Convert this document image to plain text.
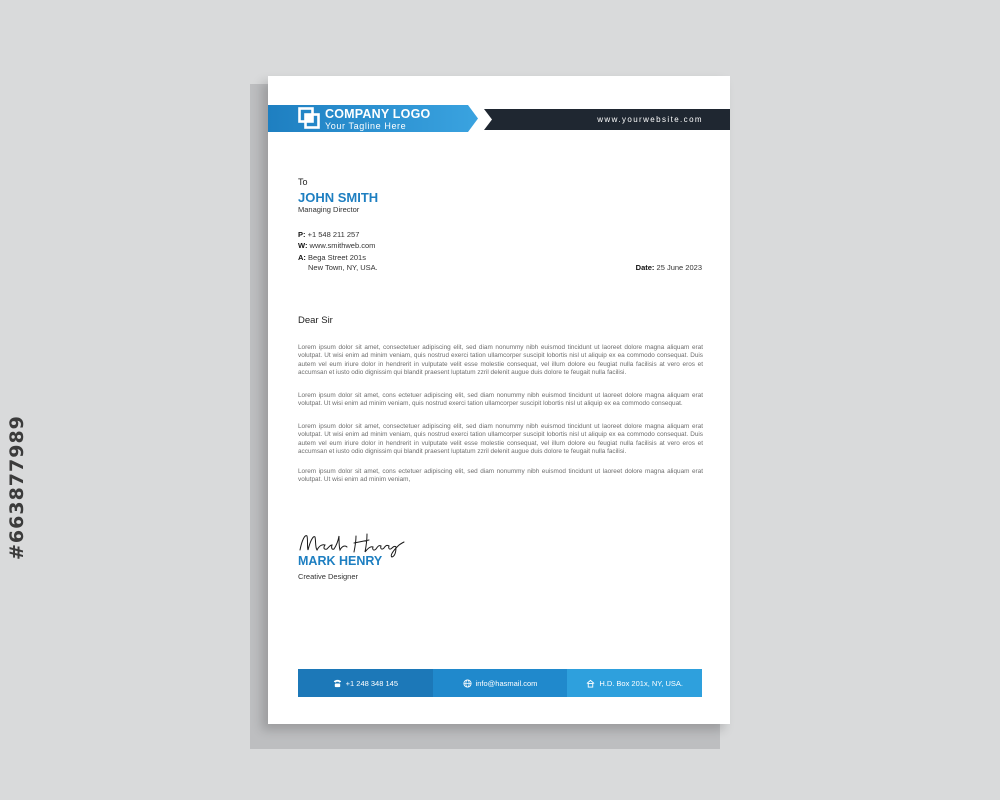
#663877989
COMPANY LOGO
Your Tagline Here
www.yourwebsite.com
To
JOHN SMITH
Managing Director
P: +1 548 211 257
W: www.smithweb.com
A: Bega Street 201s
New Town, NY, USA.	Date: 25 June 2023
Dear Sir

Lorem ipsum dolor sit amet, consectetuer adipiscing elit, sed diam nonummy nibh euismod tincidunt ut laoreet dolore magna aliquam erat volutpat. Ut wisi enim ad minim veniam, quis nostrud exerci tation ullamcorper suscipit lobortis nisl ut aliquip ex ea commodo consequat. Duis autem vel eum iriure dolor in hendrerit in vulputate velit esse molestie consequat, vel illum dolore eu feugiat nulla facilisis at vero eros et accumsan et iusto odio dignissim qui blandit praesent luptatum zzril delenit augue duis dolore te feugait nulla facilisi.

Lorem ipsum dolor sit amet, cons ectetuer adipiscing elit, sed diam nonummy nibh euismod tincidunt ut laoreet dolore magna aliquam erat volutpat. Ut wisi enim ad minim veniam, quis nostrud exerci tation ullamcorper suscipit lobortis nisl ut aliquip ex ea commodo consequat.

Lorem ipsum dolor sit amet, consectetuer adipiscing elit, sed diam nonummy nibh euismod tincidunt ut laoreet dolore magna aliquam erat volutpat. Ut wisi enim ad minim veniam, quis nostrud exerci tation ullamcorper suscipit lobortis nisl ut aliquip ex ea commodo consequat. Duis autem vel eum iriure dolor in hendrerit in vulputate velit esse molestie consequat, vel illum dolore eu feugiat nulla facilisis at vero eros et accumsan et iusto odio dignissim qui blandit praesent luptatum zzril delenit augue duis dolore te feugait nulla facilisi.

Lorem ipsum dolor sit amet, cons ectetuer adipiscing elit, sed diam nonummy nibh euismod tincidunt ut laoreet dolore magna aliquam erat volutpat. Ut wisi enim ad minim veniam,

MARK HENRY
Creative Designer
+1 248 348 145	info@hasmail.com	H.D. Box 201x, NY, USA.
